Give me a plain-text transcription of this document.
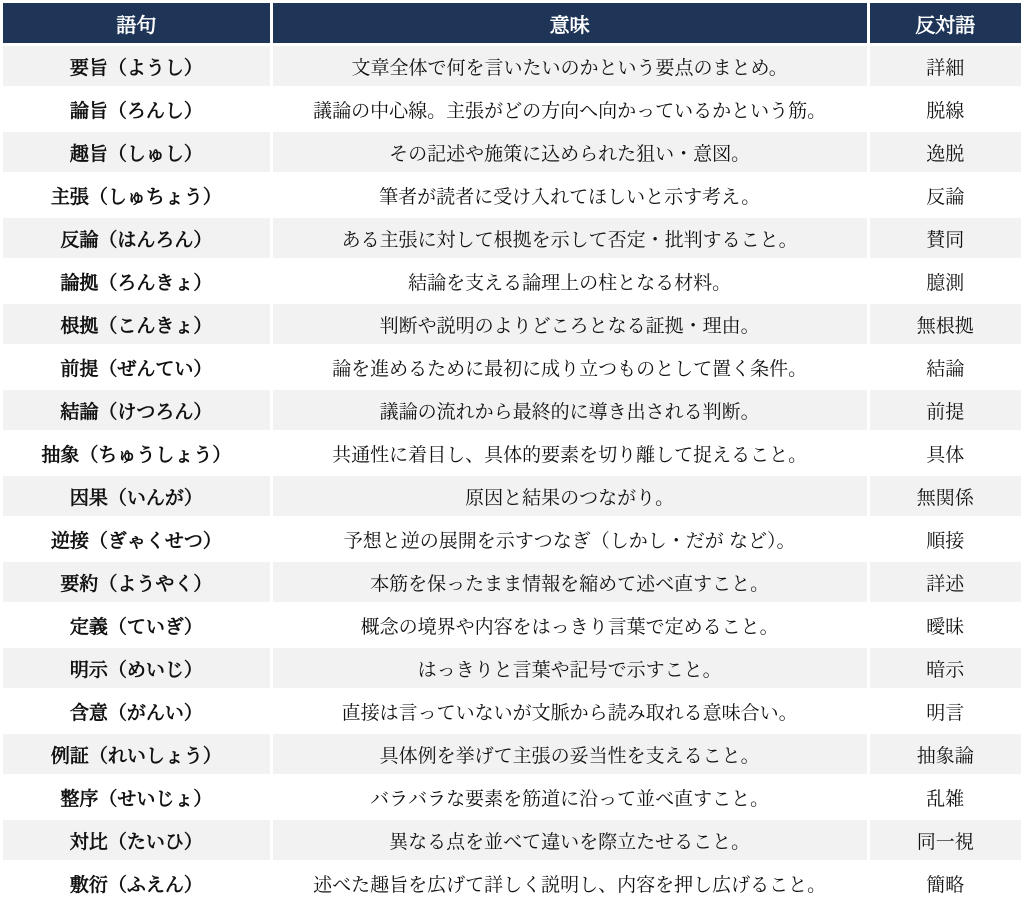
語句	意味	反対語
要旨（ようし）	文章全体で何を言いたいのかという要点のまとめ。	詳細
論旨（ろんし）	議論の中心線。主張がどの方向へ向かっているかという筋。	脱線
趣旨（しゅし）	その記述や施策に込められた狙い・意図。	逸脱
主張（しゅちょう）	筆者が読者に受け入れてほしいと示す考え。	反論
反論（はんろん）	ある主張に対して根拠を示して否定・批判すること。	賛同
論拠（ろんきょ）	結論を支える論理上の柱となる材料。	臆測
根拠（こんきょ）	判断や説明のよりどころとなる証拠・理由。	無根拠
前提（ぜんてい）	論を進めるために最初に成り立つものとして置く条件。	結論
結論（けつろん）	議論の流れから最終的に導き出される判断。	前提
抽象（ちゅうしょう）	共通性に着目し、具体的要素を切り離して捉えること。	具体
因果（いんが）	原因と結果のつながり。	無関係
逆接（ぎゃくせつ）	予想と逆の展開を示すつなぎ（しかし・だが など）。	順接
要約（ようやく）	本筋を保ったまま情報を縮めて述べ直すこと。	詳述
定義（ていぎ）	概念の境界や内容をはっきり言葉で定めること。	曖昧
明示（めいじ）	はっきりと言葉や記号で示すこと。	暗示
含意（がんい）	直接は言っていないが文脈から読み取れる意味合い。	明言
例証（れいしょう）	具体例を挙げて主張の妥当性を支えること。	抽象論
整序（せいじょ）	バラバラな要素を筋道に沿って並べ直すこと。	乱雑
対比（たいひ）	異なる点を並べて違いを際立たせること。	同一視
敷衍（ふえん）	述べた趣旨を広げて詳しく説明し、内容を押し広げること。	簡略
